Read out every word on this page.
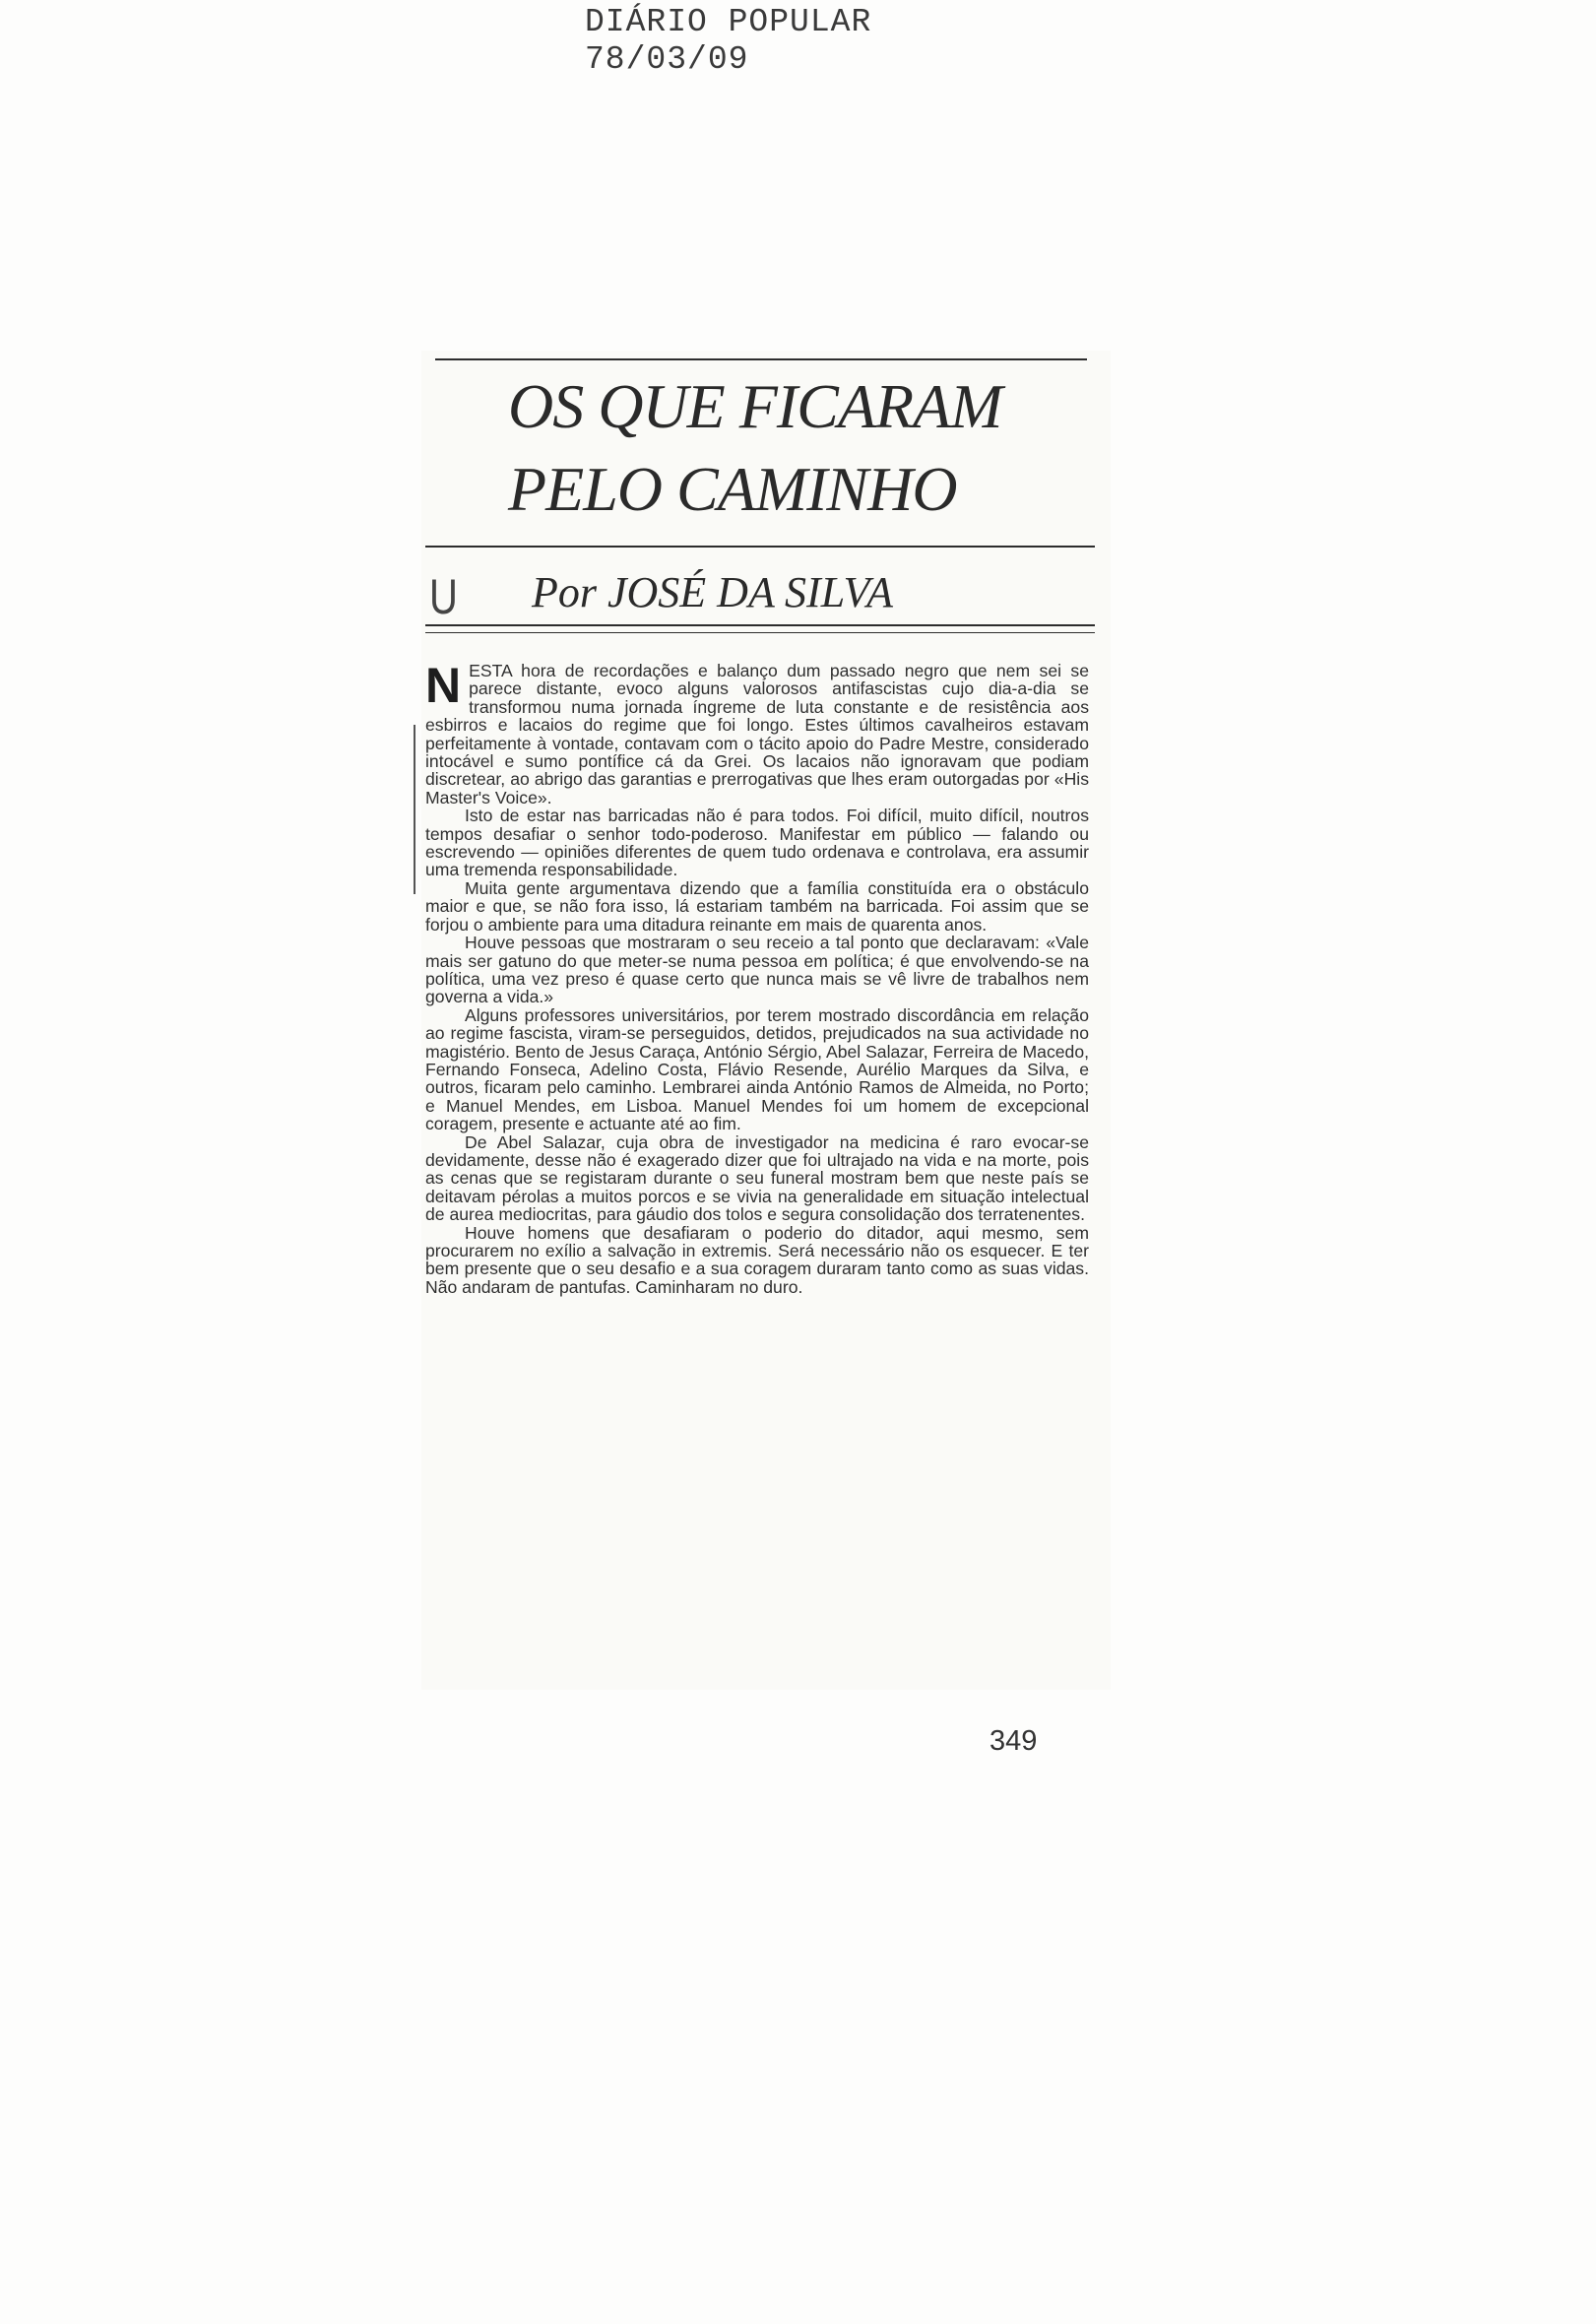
DIÁRIO POPULAR
78/03/09
OS QUE FICARAM
PELO CAMINHO
U Por JOSÉ DA SILVA

NESTA hora de recordações e balanço dum passado negro que nem sei se parece distante, evoco alguns valorosos antifascistas cujo dia-a-dia se transformou numa jornada íngreme de luta constante e de resistência aos esbirros e lacaios do regime que foi longo. Estes últimos cavalheiros estavam perfeitamente à vontade, contavam com o tácito apoio do Padre Mestre, considerado intocável e sumo pontífice cá da Grei. Os lacaios não ignoravam que podiam discretear, ao abrigo das garantias e prerrogativas que lhes eram outorgadas por «His Master's Voice».

Isto de estar nas barricadas não é para todos. Foi difícil, muito difícil, noutros tempos desafiar o senhor todo-poderoso. Manifestar em público — falando ou escrevendo — opiniões diferentes de quem tudo ordenava e controlava, era assumir uma tremenda responsabilidade.

Muita gente argumentava dizendo que a família constituída era o obstáculo maior e que, se não fora isso, lá estariam também na barricada. Foi assim que se forjou o ambiente para uma ditadura reinante em mais de quarenta anos.

Houve pessoas que mostraram o seu receio a tal ponto que declaravam: «Vale mais ser gatuno do que meter-se numa pessoa em política; é que envolvendo-se na política, uma vez preso é quase certo que nunca mais se vê livre de trabalhos nem governa a vida.»

Alguns professores universitários, por terem mostrado discordância em relação ao regime fascista, viram-se perseguidos, detidos, prejudicados na sua actividade no magistério. Bento de Jesus Caraça, António Sérgio, Abel Salazar, Ferreira de Macedo, Fernando Fonseca, Adelino Costa, Flávio Resende, Aurélio Marques da Silva, e outros, ficaram pelo caminho. Lembrarei ainda António Ramos de Almeida, no Porto; e Manuel Mendes, em Lisboa. Manuel Mendes foi um homem de excepcional coragem, presente e actuante até ao fim.

De Abel Salazar, cuja obra de investigador na medicina é raro evocar-se devidamente, desse não é exagerado dizer que foi ultrajado na vida e na morte, pois as cenas que se registaram durante o seu funeral mostram bem que neste país se deitavam pérolas a muitos porcos e se vivia na generalidade em situação intelectual de aurea mediocritas, para gáudio dos tolos e segura consolidação dos terratenentes.

Houve homens que desafiaram o poderio do ditador, aqui mesmo, sem procurarem no exílio a salvação in extremis. Será necessário não os esquecer. E ter bem presente que o seu desafio e a sua coragem duraram tanto como as suas vidas. Não andaram de pantufas. Caminharam no duro.

349
